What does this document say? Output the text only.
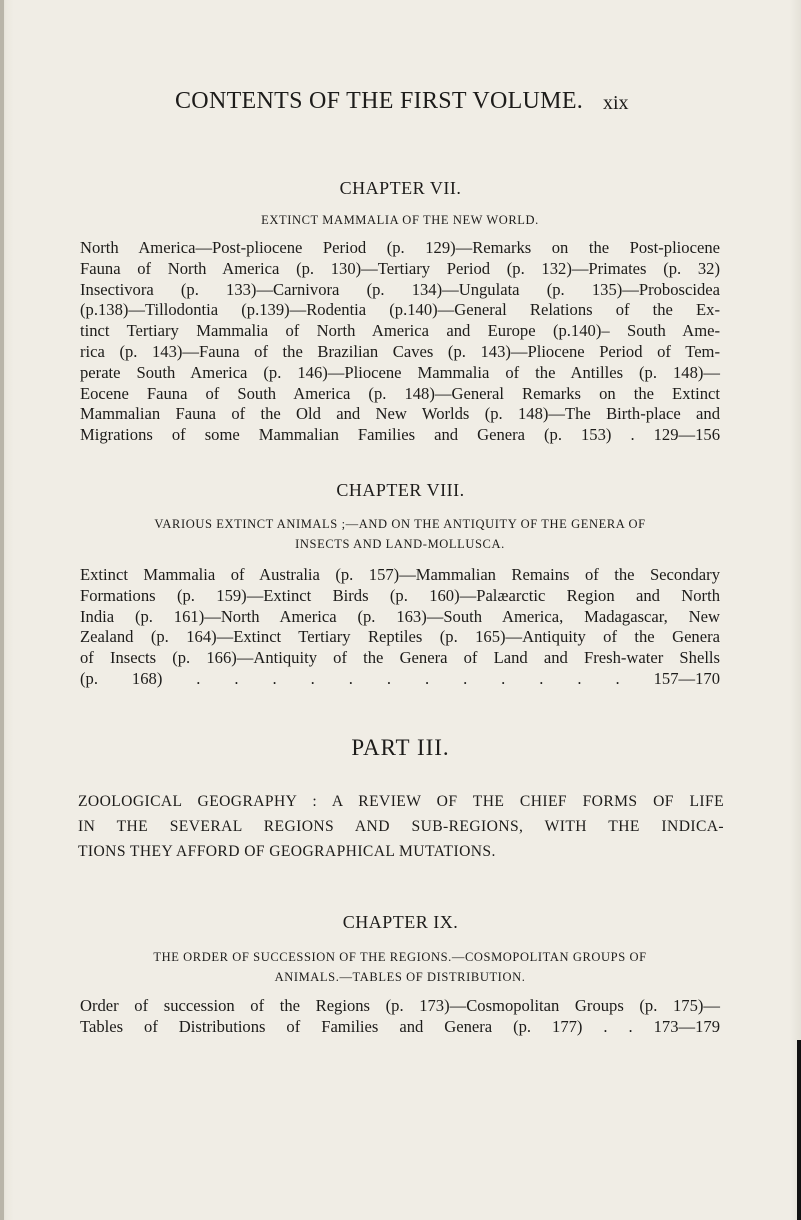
CONTENTS OF THE FIRST VOLUME. xix
CHAPTER VII.
EXTINCT MAMMALIA OF THE NEW WORLD.
North America—Post-pliocene Period (p. 129)—Remarks on the Post-pliocene
Fauna of North America (p. 130)—Tertiary Period (p. 132)—Primates (p. 32)
Insectivora (p. 133)—Carnivora (p. 134)—Ungulata (p. 135)—Proboscidea
(p.138)—Tillodontia (p.139)—Rodentia (p.140)—General Relations of the Ex-
tinct Tertiary Mammalia of North America and Europe (p.140)– South Ame-
rica (p. 143)—Fauna of the Brazilian Caves (p. 143)—Pliocene Period of Tem-
perate South America (p. 146)—Pliocene Mammalia of the Antilles (p. 148)—
Eocene Fauna of South America (p. 148)—General Remarks on the Extinct
Mammalian Fauna of the Old and New Worlds (p. 148)—The Birth-place and
Migrations of some Mammalian Families and Genera (p. 153) . 129—156
CHAPTER VIII.
VARIOUS EXTINCT ANIMALS ;—AND ON THE ANTIQUITY OF THE GENERA OF
INSECTS AND LAND-MOLLUSCA.
Extinct Mammalia of Australia (p. 157)—Mammalian Remains of the Secondary
Formations (p. 159)—Extinct Birds (p. 160)—Palæarctic Region and North
India (p. 161)—North America (p. 163)—South America, Madagascar, New
Zealand (p. 164)—Extinct Tertiary Reptiles (p. 165)—Antiquity of the Genera
of Insects (p. 166)—Antiquity of the Genera of Land and Fresh-water Shells
(p. 168) . . . . . . . . . . . . 157—170
PART III.
ZOOLOGICAL GEOGRAPHY : A REVIEW OF THE CHIEF FORMS OF LIFE
IN THE SEVERAL REGIONS AND SUB-REGIONS, WITH THE INDICA-
TIONS THEY AFFORD OF GEOGRAPHICAL MUTATIONS.
CHAPTER IX.
THE ORDER OF SUCCESSION OF THE REGIONS.—COSMOPOLITAN GROUPS OF
ANIMALS.—TABLES OF DISTRIBUTION.
Order of succession of the Regions (p. 173)—Cosmopolitan Groups (p. 175)—
Tables of Distributions of Families and Genera (p. 177) . . 173—179
